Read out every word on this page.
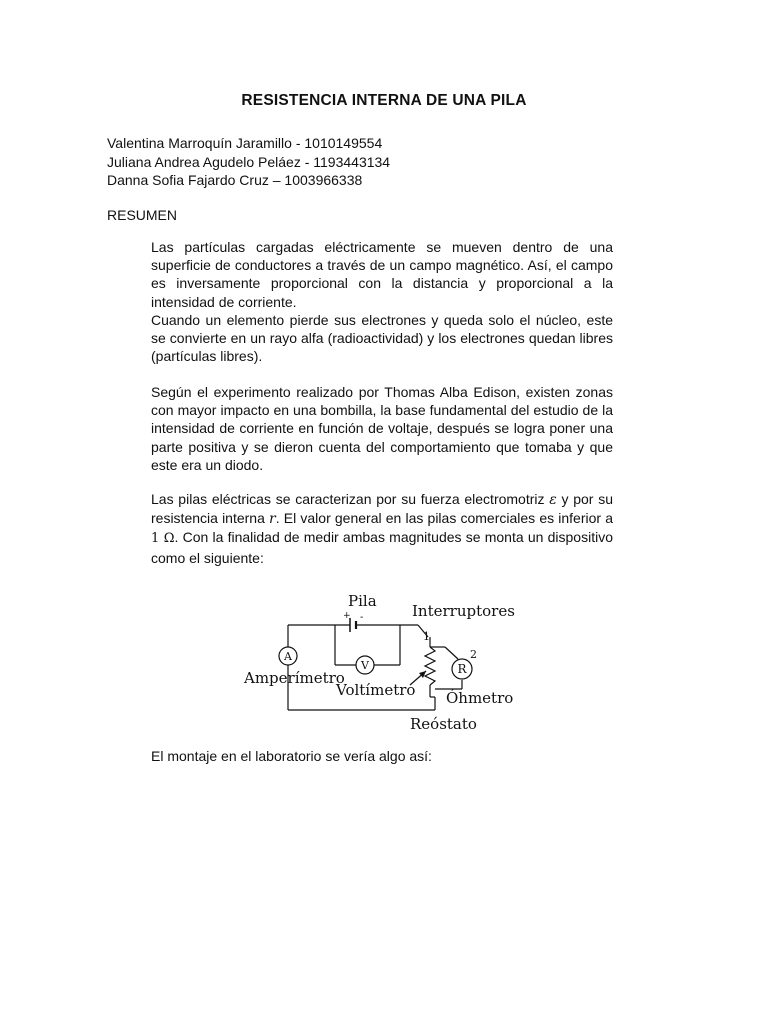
RESISTENCIA INTERNA DE UNA PILA
Valentina Marroquín Jaramillo - 1010149554
Juliana Andrea Agudelo Peláez - 1193443134
Danna Sofia Fajardo Cruz – 1003966338
RESUMEN

Las partículas cargadas eléctricamente se mueven dentro de una superficie de conductores a través de un campo magnético. Así, el campo es inversamente proporcional con la distancia y proporcional a la intensidad de corriente.

Cuando un elemento pierde sus electrones y queda solo el núcleo, este se convierte en un rayo alfa (radioactividad) y los electrones quedan libres (partículas libres).

Según el experimento realizado por Thomas Alba Edison, existen zonas con mayor impacto en una bombilla, la base fundamental del estudio de la intensidad de corriente en función de voltaje, después se logra poner una parte positiva y se dieron cuenta del comportamiento que tomaba y que este era un diodo.

Las pilas eléctricas se caracterizan por su fuerza electromotriz ε y por su resistencia interna r. El valor general en las pilas comerciales es inferior a 1 Ω. Con la finalidad de medir ambas magnitudes se monta un dispositivo como el siguiente:

A
V	R
Pila
+ -	Interruptores
1
2
Amperímetro
Voltímetro Óhmetro
Reóstato
El montaje en el laboratorio se vería algo así:
